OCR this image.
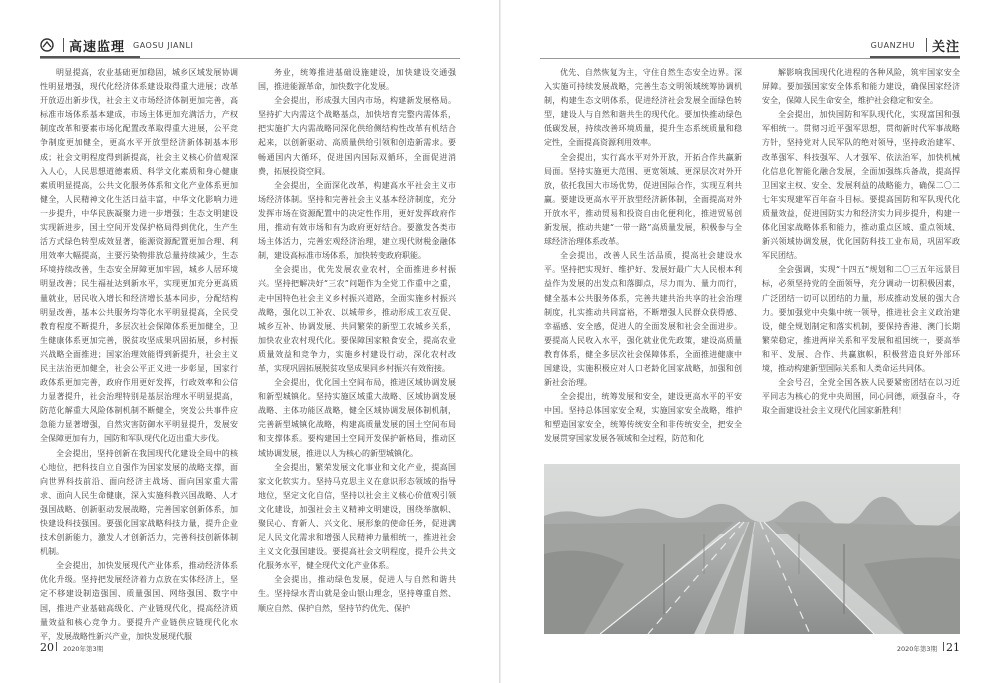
高速监理 GAOSU JIANLI	GUANZHU 关注

明显提高，农业基础更加稳固，城乡区域发展协调性明显增强，现代化经济体系建设取得重大进展；改革开放迈出新步伐，社会主义市场经济体制更加完善，高标准市场体系基本建成，市场主体更加充满活力，产权制度改革和要素市场化配置改革取得重大进展，公平竞争制度更加健全，更高水平开放型经济新体制基本形成；社会文明程度得到新提高，社会主义核心价值观深入人心，人民思想道德素质、科学文化素质和身心健康素质明显提高，公共文化服务体系和文化产业体系更加健全，人民精神文化生活日益丰富，中华文化影响力进一步提升，中华民族凝聚力进一步增强；生态文明建设实现新进步，国土空间开发保护格局得到优化，生产生活方式绿色转型成效显著，能源资源配置更加合理、利用效率大幅提高，主要污染物排放总量持续减少，生态环境持续改善，生态安全屏障更加牢固，城乡人居环境明显改善；民生福祉达到新水平，实现更加充分更高质量就业，居民收入增长和经济增长基本同步，分配结构明显改善，基本公共服务均等化水平明显提高，全民受教育程度不断提升，多层次社会保障体系更加健全，卫生健康体系更加完善，脱贫攻坚成果巩固拓展，乡村振兴战略全面推进；国家治理效能得到新提升，社会主义民主法治更加健全，社会公平正义进一步彰显，国家行政体系更加完善，政府作用更好发挥，行政效率和公信力显著提升，社会治理特别是基层治理水平明显提高，防范化解重大风险体制机制不断健全，突发公共事件应急能力显著增强，自然灾害防御水平明显提升，发展安全保障更加有力，国防和军队现代化迈出重大步伐。

全会提出，坚持创新在我国现代化建设全局中的核心地位，把科技自立自强作为国家发展的战略支撑，面向世界科技前沿、面向经济主战场、面向国家重大需求、面向人民生命健康，深入实施科教兴国战略、人才强国战略、创新驱动发展战略，完善国家创新体系，加快建设科技强国。要强化国家战略科技力量，提升企业技术创新能力，激发人才创新活力，完善科技创新体制机制。

全会提出，加快发展现代产业体系，推动经济体系优化升级。坚持把发展经济着力点放在实体经济上，坚定不移建设制造强国、质量强国、网络强国、数字中国，推进产业基础高级化、产业链现代化，提高经济质量效益和核心竞争力。要提升产业链供应链现代化水平，发展战略性新兴产业，加快发展现代服

务业，统筹推进基础设施建设，加快建设交通强国，推进能源革命，加快数字化发展。

全会提出，形成强大国内市场，构建新发展格局。坚持扩大内需这个战略基点，加快培育完整内需体系，把实施扩大内需战略同深化供给侧结构性改革有机结合起来，以创新驱动、高质量供给引领和创造新需求。要畅通国内大循环，促进国内国际双循环，全面促进消费，拓展投资空间。

全会提出，全面深化改革，构建高水平社会主义市场经济体制。坚持和完善社会主义基本经济制度，充分发挥市场在资源配置中的决定性作用，更好发挥政府作用，推动有效市场和有为政府更好结合。要激发各类市场主体活力，完善宏观经济治理，建立现代财税金融体制，建设高标准市场体系，加快转变政府职能。

全会提出，优先发展农业农村，全面推进乡村振兴。坚持把解决好“三农”问题作为全党工作重中之重，走中国特色社会主义乡村振兴道路，全面实施乡村振兴战略，强化以工补农、以城带乡，推动形成工农互促、城乡互补、协调发展、共同繁荣的新型工农城乡关系，加快农业农村现代化。要保障国家粮食安全，提高农业质量效益和竞争力，实施乡村建设行动，深化农村改革，实现巩固拓展脱贫攻坚成果同乡村振兴有效衔接。

全会提出，优化国土空间布局，推进区域协调发展和新型城镇化。坚持实施区域重大战略、区域协调发展战略、主体功能区战略，健全区域协调发展体制机制，完善新型城镇化战略，构建高质量发展的国土空间布局和支撑体系。要构建国土空间开发保护新格局，推动区域协调发展，推进以人为核心的新型城镇化。

全会提出，繁荣发展文化事业和文化产业，提高国家文化软实力。坚持马克思主义在意识形态领域的指导地位，坚定文化自信，坚持以社会主义核心价值观引领文化建设，加强社会主义精神文明建设，围绕举旗帜、聚民心、育新人、兴文化、展形象的使命任务，促进满足人民文化需求和增强人民精神力量相统一，推进社会主义文化强国建设。要提高社会文明程度，提升公共文化服务水平，健全现代文化产业体系。

全会提出，推动绿色发展，促进人与自然和谐共生。坚持绿水青山就是金山银山理念，坚持尊重自然、顺应自然、保护自然，坚持节约优先、保护

优先、自然恢复为主，守住自然生态安全边界。深入实施可持续发展战略，完善生态文明领域统筹协调机制，构建生态文明体系，促进经济社会发展全面绿色转型，建设人与自然和谐共生的现代化。要加快推动绿色低碳发展，持续改善环境质量，提升生态系统质量和稳定性，全面提高资源利用效率。

全会提出，实行高水平对外开放，开拓合作共赢新局面。坚持实施更大范围、更宽领域、更深层次对外开放，依托我国大市场优势，促进国际合作，实现互利共赢。要建设更高水平开放型经济新体制，全面提高对外开放水平，推动贸易和投资自由化便利化，推进贸易创新发展，推动共建“一带一路”高质量发展，积极参与全球经济治理体系改革。

全会提出，改善人民生活品质，提高社会建设水平。坚持把实现好、维护好、发展好最广大人民根本利益作为发展的出发点和落脚点，尽力而为、量力而行，健全基本公共服务体系，完善共建共治共享的社会治理制度，扎实推动共同富裕，不断增强人民群众获得感、幸福感、安全感，促进人的全面发展和社会全面进步。要提高人民收入水平，强化就业优先政策，建设高质量教育体系，健全多层次社会保障体系，全面推进健康中国建设，实施积极应对人口老龄化国家战略，加强和创新社会治理。

全会提出，统筹发展和安全，建设更高水平的平安中国。坚持总体国家安全观，实施国家安全战略，维护和塑造国家安全，统筹传统安全和非传统安全，把安全发展贯穿国家发展各领域和全过程，防范和化

解影响我国现代化进程的各种风险，筑牢国家安全屏障。要加强国家安全体系和能力建设，确保国家经济安全，保障人民生命安全，维护社会稳定和安全。

全会提出，加快国防和军队现代化，实现富国和强军相统一。贯彻习近平强军思想，贯彻新时代军事战略方针，坚持党对人民军队的绝对领导，坚持政治建军、改革强军、科技强军、人才强军、依法治军，加快机械化信息化智能化融合发展，全面加强练兵备战，提高捍卫国家主权、安全、发展利益的战略能力，确保二〇二七年实现建军百年奋斗目标。要提高国防和军队现代化质量效益，促进国防实力和经济实力同步提升，构建一体化国家战略体系和能力，推动重点区域、重点领域、新兴领域协调发展，优化国防科技工业布局，巩固军政军民团结。

全会强调，实现“十四五”规划和二〇三五年远景目标，必须坚持党的全面领导，充分调动一切积极因素，广泛团结一切可以团结的力量，形成推动发展的强大合力。要加强党中央集中统一领导，推进社会主义政治建设，健全规划制定和落实机制，要保持香港、澳门长期繁荣稳定，推进两岸关系和平发展和祖国统一，要高举和平、发展、合作、共赢旗帜，积极营造良好外部环境，推动构建新型国际关系和人类命运共同体。

全会号召，全党全国各族人民要紧密团结在以习近平同志为核心的党中央周围，同心同德，顽强奋斗，夺取全面建设社会主义现代化国家新胜利！

20 2020年第3期	2020年第3期 21
